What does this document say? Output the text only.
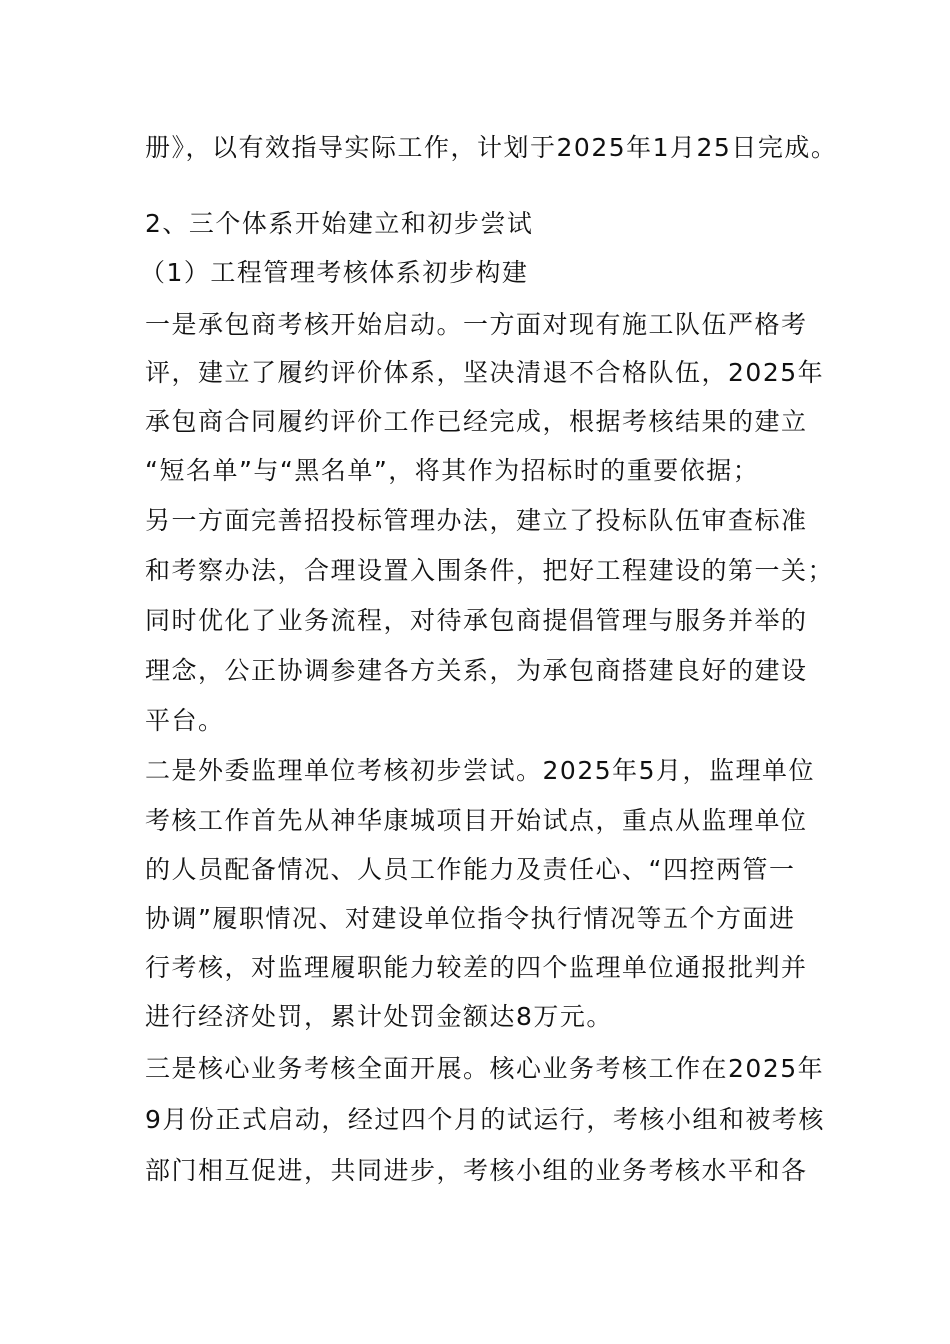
册》，以有效指导实际工作，计划于2025年1月25日完成。

2、三个体系开始建立和初步尝试

（1）工程管理考核体系初步构建

一是承包商考核开始启动。一方面对现有施工队伍严格考

评，建立了履约评价体系，坚决清退不合格队伍，2025年

承包商合同履约评价工作已经完成，根据考核结果的建立

“短名单”与“黑名单”，将其作为招标时的重要依据；

另一方面完善招投标管理办法，建立了投标队伍审查标准

和考察办法，合理设置入围条件，把好工程建设的第一关；

同时优化了业务流程，对待承包商提倡管理与服务并举的

理念，公正协调参建各方关系，为承包商搭建良好的建设

平台。

二是外委监理单位考核初步尝试。2025年5月，监理单位

考核工作首先从神华康城项目开始试点，重点从监理单位

的人员配备情况、人员工作能力及责任心、“四控两管一

协调”履职情况、对建设单位指令执行情况等五个方面进

行考核，对监理履职能力较差的四个监理单位通报批判并

进行经济处罚，累计处罚金额达8万元。

三是核心业务考核全面开展。核心业务考核工作在2025年

9月份正式启动，经过四个月的试运行，考核小组和被考核

部门相互促进，共同进步，考核小组的业务考核水平和各
